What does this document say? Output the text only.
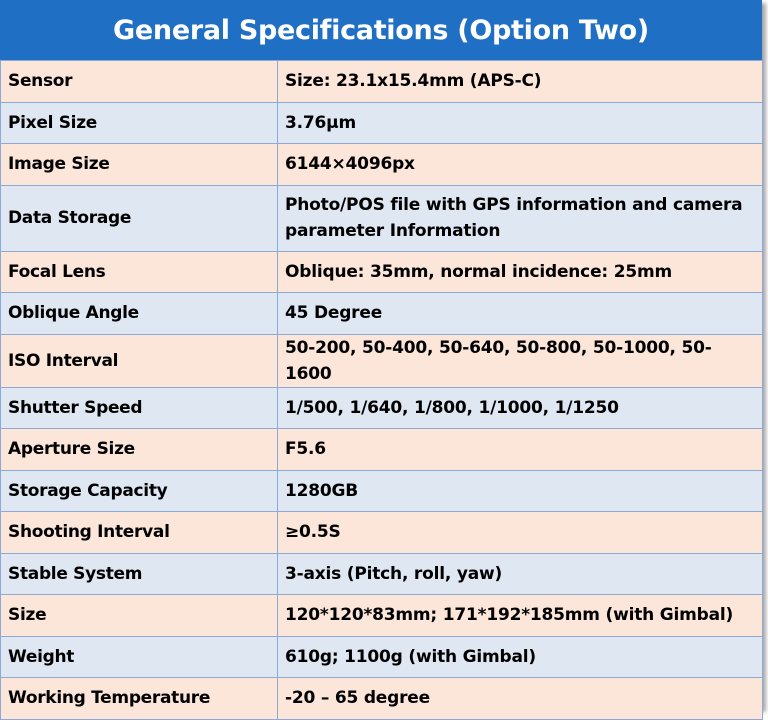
General Specifications (Option Two)
Sensor	Size: 23.1x15.4mm (APS-C)
Pixel Size	3.76μm
Image Size	6144×4096px
Data Storage	Photo/POS file with GPS information and camera parameter Information
Focal Lens	Oblique: 35mm, normal incidence: 25mm
Oblique Angle	45 Degree
ISO Interval	50-200, 50-400, 50-640, 50-800, 50-1000, 50-1600
Shutter Speed	1/500, 1/640, 1/800, 1/1000, 1/1250
Aperture Size	F5.6
Storage Capacity	1280GB
Shooting Interval	≥0.5S
Stable System	3-axis (Pitch, roll, yaw)
Size	120*120*83mm; 171*192*185mm (with Gimbal)
Weight	610g; 1100g (with Gimbal)
Working Temperature	-20 – 65 degree
